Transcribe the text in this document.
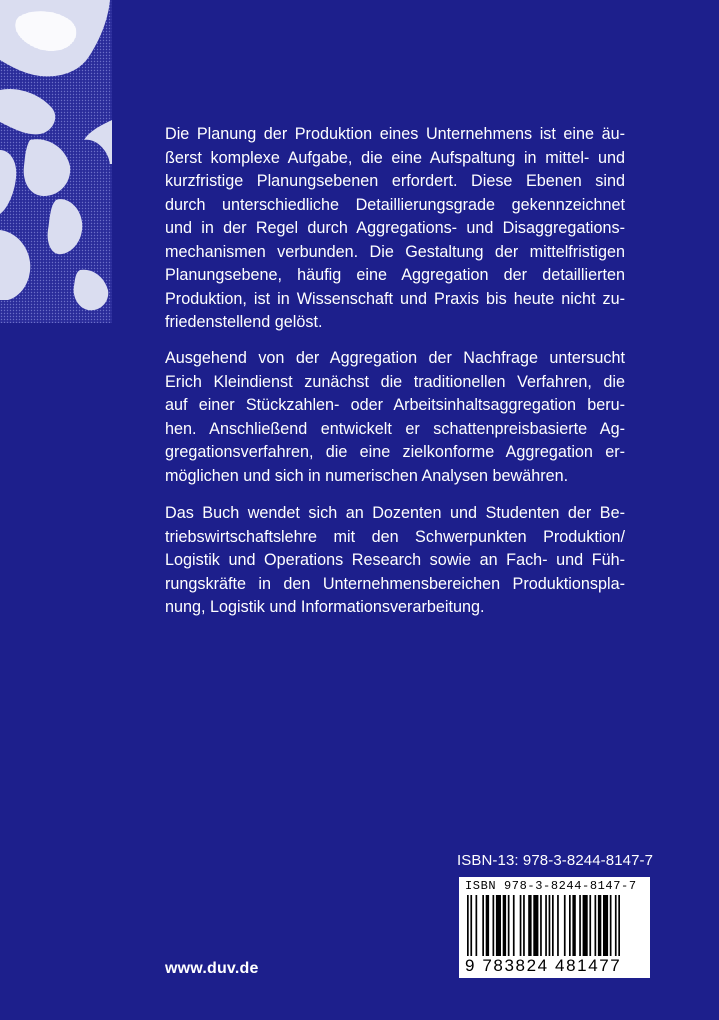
Die Planung der Produktion eines Unternehmens ist eine äu-
ßerst komplexe Aufgabe, die eine Aufspaltung in mittel- und
kurzfristige Planungsebenen erfordert. Diese Ebenen sind
durch unterschiedliche Detaillierungsgrade gekennzeichnet
und in der Regel durch Aggregations- und Disaggregations-
mechanismen verbunden. Die Gestaltung der mittelfristigen
Planungsebene, häufig eine Aggregation der detaillierten
Produktion, ist in Wissenschaft und Praxis bis heute nicht zu-
friedenstellend gelöst.
Ausgehend von der Aggregation der Nachfrage untersucht
Erich Kleindienst zunächst die traditionellen Verfahren, die
auf einer Stückzahlen- oder Arbeitsinhaltsaggregation beru-
hen. Anschließend entwickelt er schattenpreisbasierte Ag-
gregationsverfahren, die eine zielkonforme Aggregation er-
möglichen und sich in numerischen Analysen bewähren.
Das Buch wendet sich an Dozenten und Studenten der Be-
triebswirtschaftslehre mit den Schwerpunkten Produktion/
Logistik und Operations Research sowie an Fach- und Füh-
rungskräfte in den Unternehmensbereichen Produktionspla-
nung, Logistik und Informationsverarbeitung.
ISBN-13: 978-3-8244-8147-7
ISBN 978-3-8244-8147-7
9 783824 481477
www.duv.de
